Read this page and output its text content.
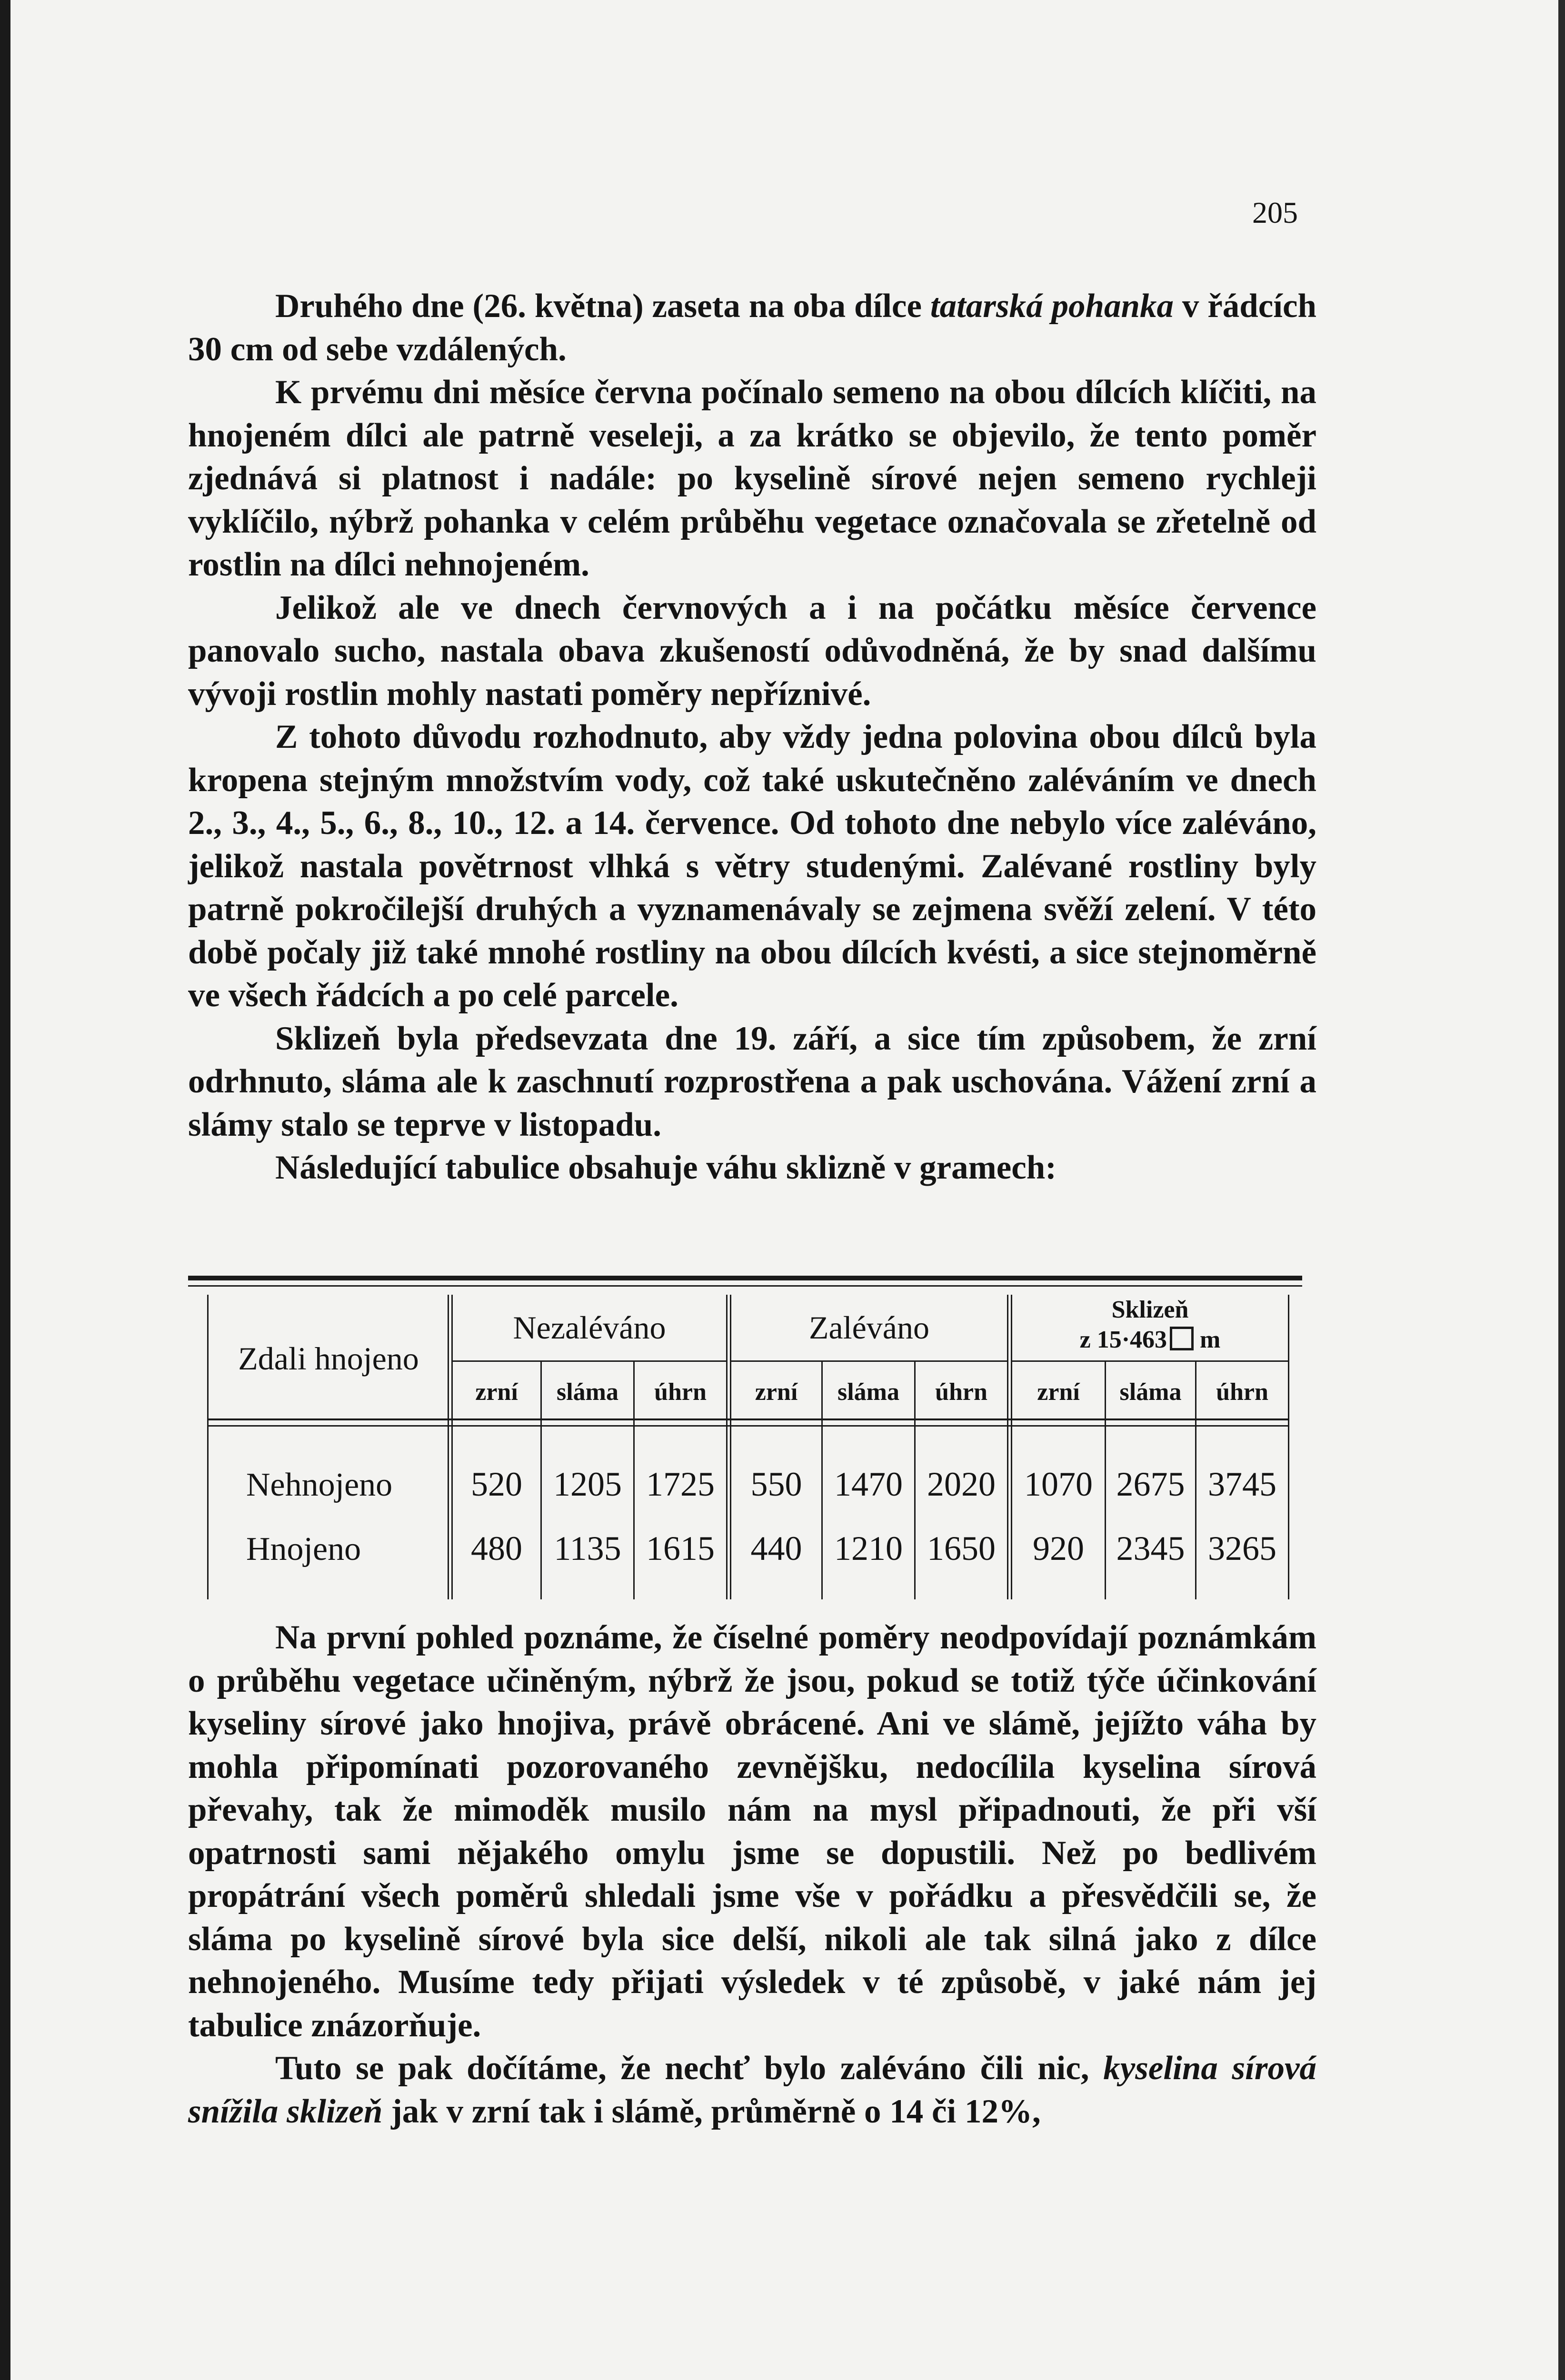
205

Druhého dne (26. května) zaseta na oba dílce tatarská pohanka v řádcích 30 cm od sebe vzdálených.

K prvému dni měsíce června počínalo semeno na obou dílcích klíčiti, na hnojeném dílci ale patrně veseleji, a za krátko se objevilo, že tento poměr zjednává si platnost i nadále: po kyselině sírové nejen semeno rychleji vyklíčilo, nýbrž pohanka v celém průběhu vegetace označovala se zřetelně od rostlin na dílci nehnojeném.

Jelikož ale ve dnech červnových a i na počátku měsíce července panovalo sucho, nastala obava zkušeností odůvodněná, že by snad dalšímu vývoji rostlin mohly nastati poměry nepříznivé.

Z tohoto důvodu rozhodnuto, aby vždy jedna polovina obou dílců byla kropena stejným množstvím vody, což také uskutečněno zaléváním ve dnech 2., 3., 4., 5., 6., 8., 10., 12. a 14. července. Od tohoto dne nebylo více zaléváno, jelikož nastala povětrnost vlhká s větry studenými. Zalévané rostliny byly patrně pokročilejší druhých a vyznamenávaly se zejmena svěží zelení. V této době počaly již také mnohé rostliny na obou dílcích kvésti, a sice stejnoměrně ve všech řádcích a po celé parcele.

Sklizeň byla předsevzata dne 19. září, a sice tím způsobem, že zrní odrhnuto, sláma ale k zaschnutí rozprostřena a pak uschována. Vážení zrní a slámy stalo se teprve v listopadu.

Následující tabulice obsahuje váhu sklizně v gramech:

Zdali hnojeno
Nezaléváno	Zaléváno	Sklizeň
z 15·463 m
zrní	sláma	úhrn	zrní	sláma	úhrn	zrní	sláma	úhrn
Nehnojeno	520 1205 1725	550 1470 2020 1070 2675 3745
Hnojeno	480 1135 1615	440 1210 1650	920 2345 3265

Na první pohled poznáme, že číselné poměry neodpovídají poznámkám o průběhu vegetace učiněným, nýbrž že jsou, pokud se totiž týče účinkování kyseliny sírové jako hnojiva, právě obrácené. Ani ve slámě, jejížto váha by mohla připomínati pozorovaného zevnějšku, nedocílila kyselina sírová převahy, tak že mimoděk musilo nám na mysl připadnouti, že při vší opatrnosti sami nějakého omylu jsme se dopustili. Než po bedlivém propátrání všech poměrů shledali jsme vše v pořádku a přesvědčili se, že sláma po kyselině sírové byla sice delší, nikoli ale tak silná jako z dílce nehnojeného. Musíme tedy přijati výsledek v té způsobě, v jaké nám jej tabulice znázorňuje.

Tuto se pak dočítáme, že nechť bylo zaléváno čili nic, kyselina sírová snížila sklizeň jak v zrní tak i slámě, průměrně o 14 či 12%,
